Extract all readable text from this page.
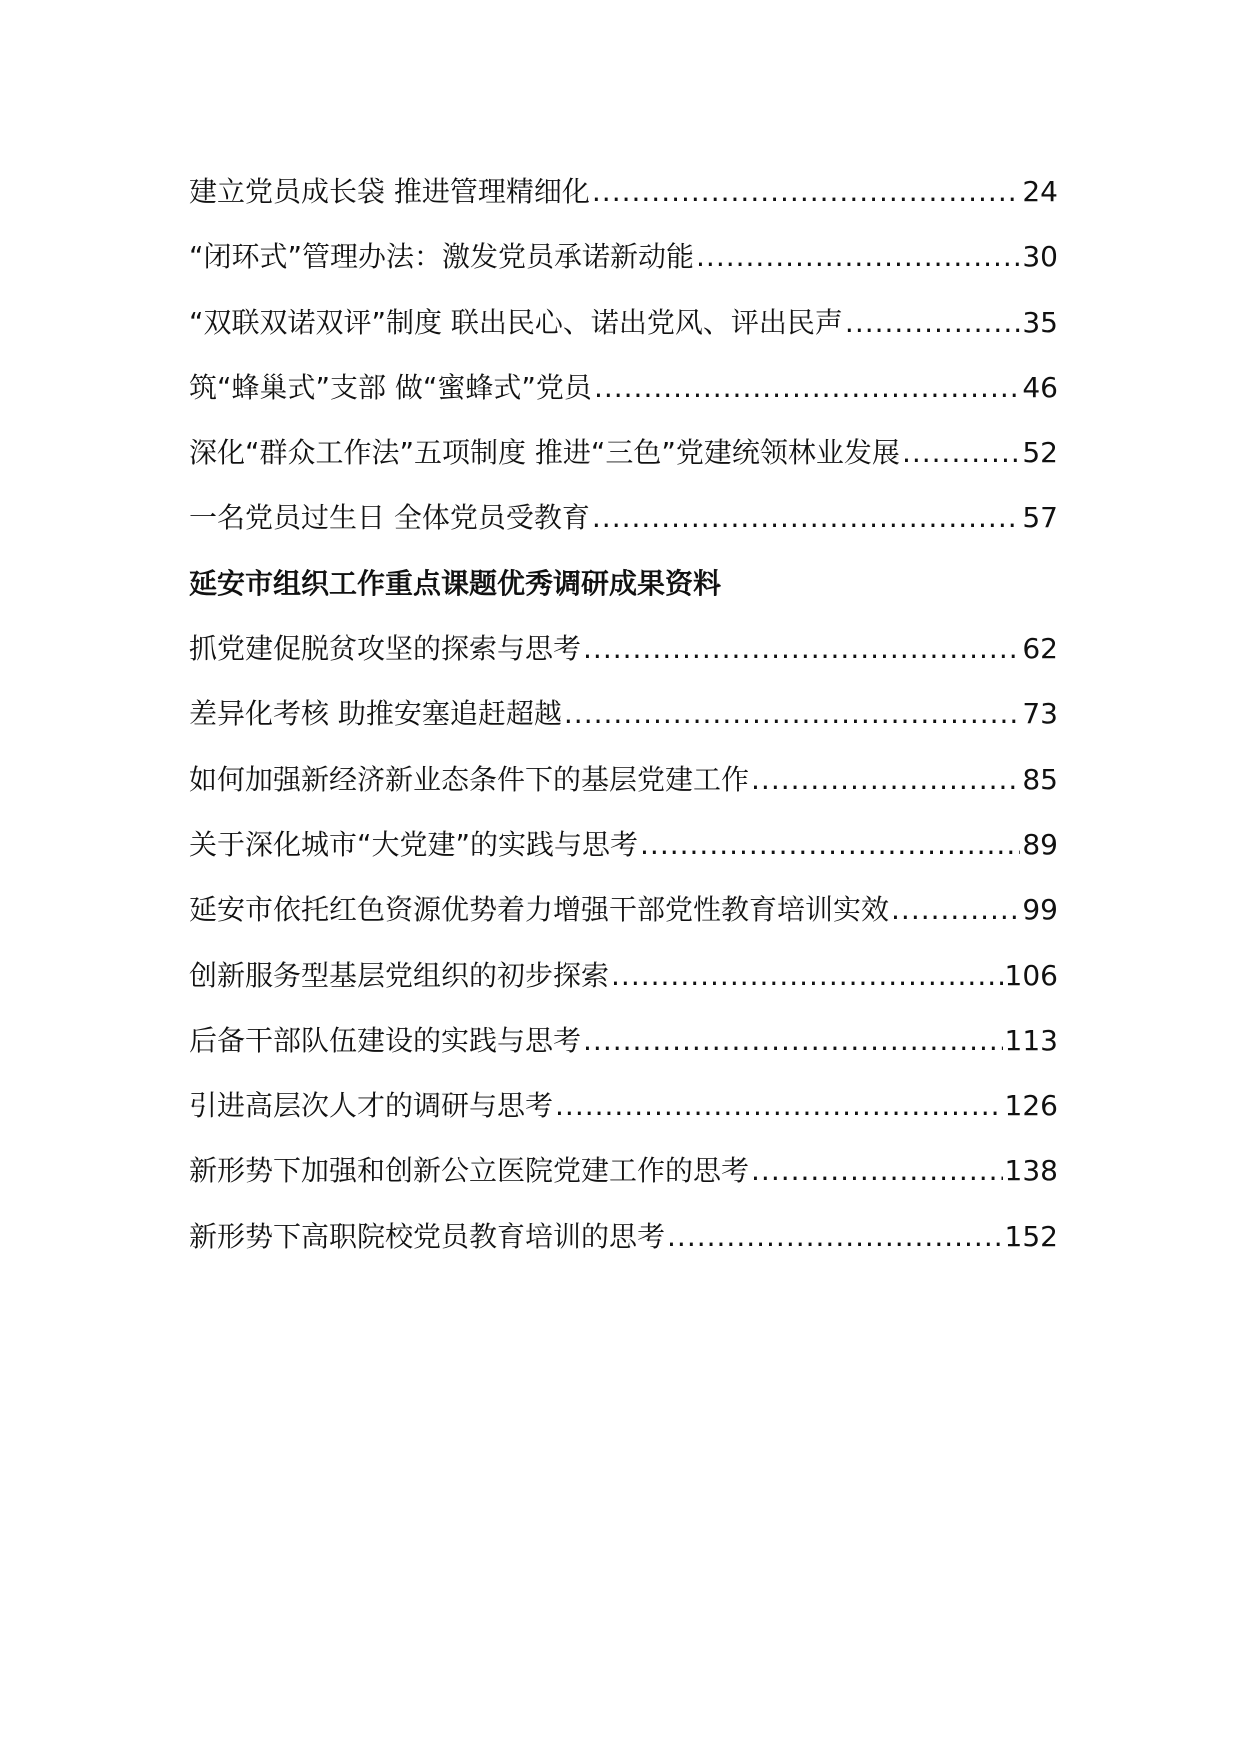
建立党员成长袋 推进管理精细化 .....	24
“闭环式”管理办法：激发党员承诺新动能 .....	30
“双联双诺双评”制度 联出民心、诺出党风、评出民声 .....	35
筑“蜂巢式”支部 做“蜜蜂式”党员 .....	46
深化“群众工作法”五项制度 推进“三色”党建统领林业发展 .....	52
一名党员过生日 全体党员受教育 .....	57
延安市组织工作重点课题优秀调研成果资料
抓党建促脱贫攻坚的探索与思考 .....	62
差异化考核 助推安塞追赶超越 .....	73
如何加强新经济新业态条件下的基层党建工作 .....	85
关于深化城市“大党建”的实践与思考 .....	89
延安市依托红色资源优势着力增强干部党性教育培训实效 .....	99
创新服务型基层党组织的初步探索 .....	106
后备干部队伍建设的实践与思考 .....	113
引进高层次人才的调研与思考 .....	126
新形势下加强和创新公立医院党建工作的思考 .....	138
新形势下高职院校党员教育培训的思考 .....	152
